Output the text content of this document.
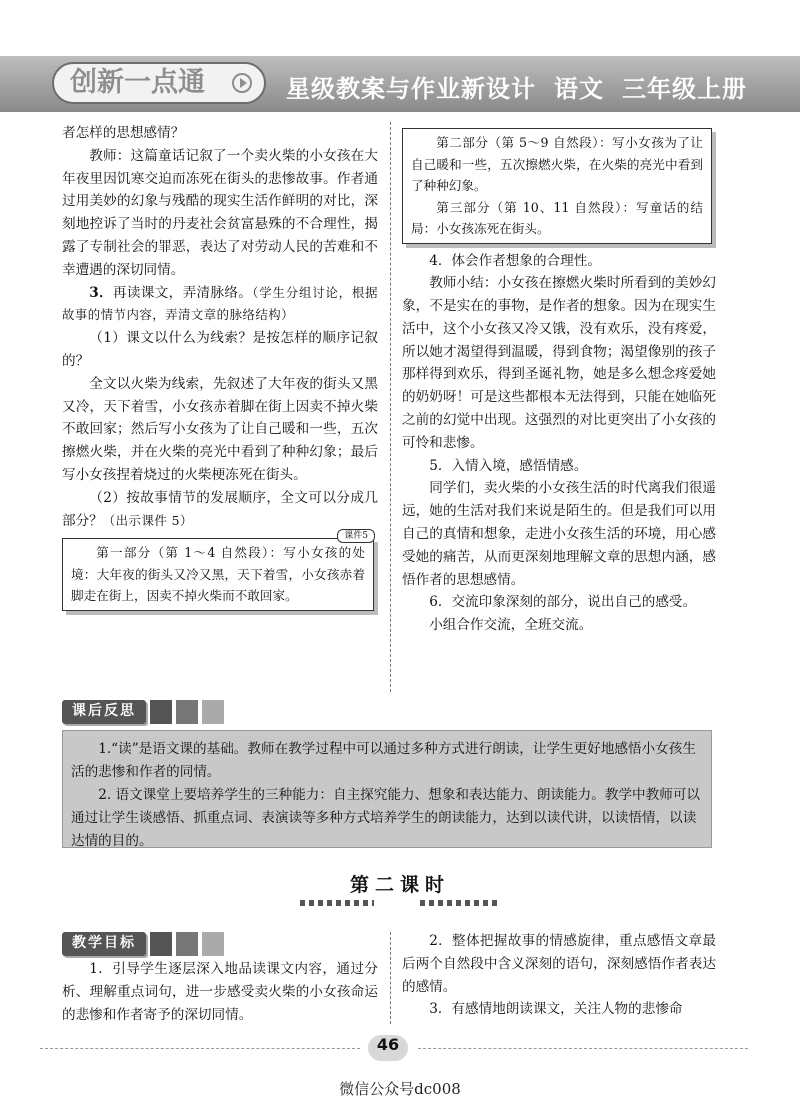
创新一点通	星级教案与作业新设计 语文 三年级上册

者怎样的思想感情？

教师：这篇童话记叙了一个卖火柴的小女孩在大年夜里因饥寒交迫而冻死在街头的悲惨故事。作者通过用美妙的幻象与残酷的现实生活作鲜明的对比，深刻地控诉了当时的丹麦社会贫富悬殊的不合理性，揭露了专制社会的罪恶，表达了对劳动人民的苦难和不幸遭遇的深切同情。

3．再读课文，弄清脉络。（学生分组讨论，根据故事的情节内容，弄清文章的脉络结构）

（1）课文以什么为线索？是按怎样的顺序记叙的？

全文以火柴为线索，先叙述了大年夜的街头又黑又冷，天下着雪，小女孩赤着脚在街上因卖不掉火柴不敢回家；然后写小女孩为了让自己暖和一些，五次擦燃火柴，并在火柴的亮光中看到了种种幻象；最后写小女孩捏着烧过的火柴梗冻死在街头。

（2）按故事情节的发展顺序，全文可以分成几部分？（出示课件 5）

课件5

第一部分（第 1～4 自然段）：写小女孩的处境：大年夜的街头又冷又黑，天下着雪，小女孩赤着脚走在街上，因卖不掉火柴而不敢回家。

第二部分（第 5～9 自然段）：写小女孩为了让自己暖和一些，五次擦燃火柴，在火柴的亮光中看到了种种幻象。

第三部分（第 10、11 自然段）：写童话的结局：小女孩冻死在街头。

4．体会作者想象的合理性。

教师小结：小女孩在擦燃火柴时所看到的美妙幻象，不是实在的事物，是作者的想象。因为在现实生活中，这个小女孩又冷又饿，没有欢乐，没有疼爱，所以她才渴望得到温暖，得到食物；渴望像别的孩子那样得到欢乐，得到圣诞礼物，她是多么想念疼爱她的奶奶呀！可是这些都根本无法得到，只能在她临死之前的幻觉中出现。这强烈的对比更突出了小女孩的可怜和悲惨。

5．入情入境，感悟情感。

同学们，卖火柴的小女孩生活的时代离我们很遥远，她的生活对我们来说是陌生的。但是我们可以用自己的真情和想象，走进小女孩生活的环境，用心感受她的痛苦，从而更深刻地理解文章的思想内涵，感悟作者的思想感情。

6．交流印象深刻的部分，说出自己的感受。

小组合作交流，全班交流。

课后反思

1.“读”是语文课的基础。教师在教学过程中可以通过多种方式进行朗读，让学生更好地感悟小女孩生活的悲惨和作者的同情。

2. 语文课堂上要培养学生的三种能力：自主探究能力、想象和表达能力、朗读能力。教学中教师可以通过让学生谈感悟、抓重点词、表演读等多种方式培养学生的朗读能力，达到以读代讲，以读悟情，以读达情的目的。

第二课时
教学目标

1．引导学生逐层深入地品读课文内容，通过分析、理解重点词句，进一步感受卖火柴的小女孩命运的悲惨和作者寄予的深切同情。

2．整体把握故事的情感旋律，重点感悟文章最后两个自然段中含义深刻的语句，深刻感悟作者表达的感情。

3．有感情地朗读课文，关注人物的悲惨命

46
微信公众号dc008
